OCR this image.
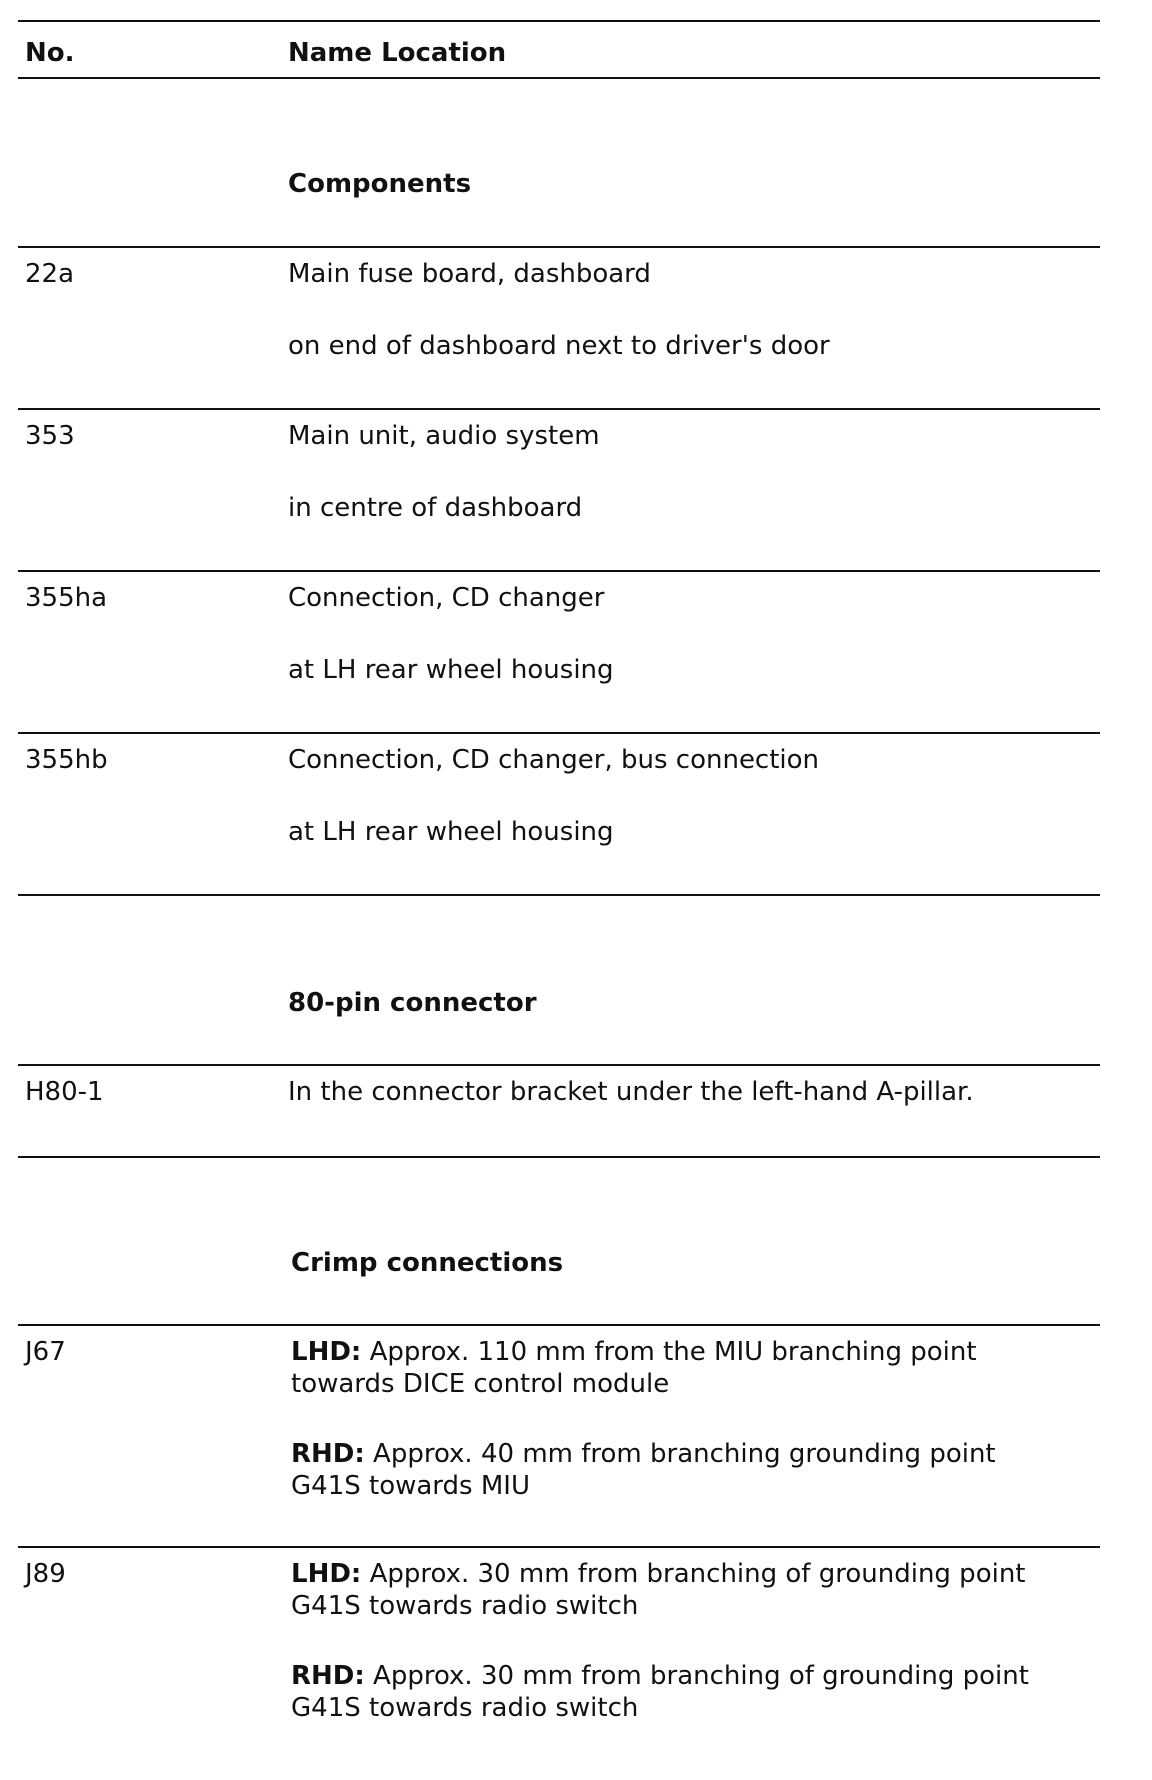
No.	Name Location
Components
22a	Main fuse board, dashboard
on end of dashboard next to driver's door
353	Main unit, audio system
in centre of dashboard
355ha	Connection, CD changer
at LH rear wheel housing
355hb	Connection, CD changer, bus connection
at LH rear wheel housing
80-pin connector
H80-1	In the connector bracket under the left-hand A-pillar.
Crimp connections
J67	LHD: Approx. 110 mm from the MIU branching point
towards DICE control module
RHD: Approx. 40 mm from branching grounding point
G41S towards MIU
J89	LHD: Approx. 30 mm from branching of grounding point
G41S towards radio switch
RHD: Approx. 30 mm from branching of grounding point
G41S towards radio switch
